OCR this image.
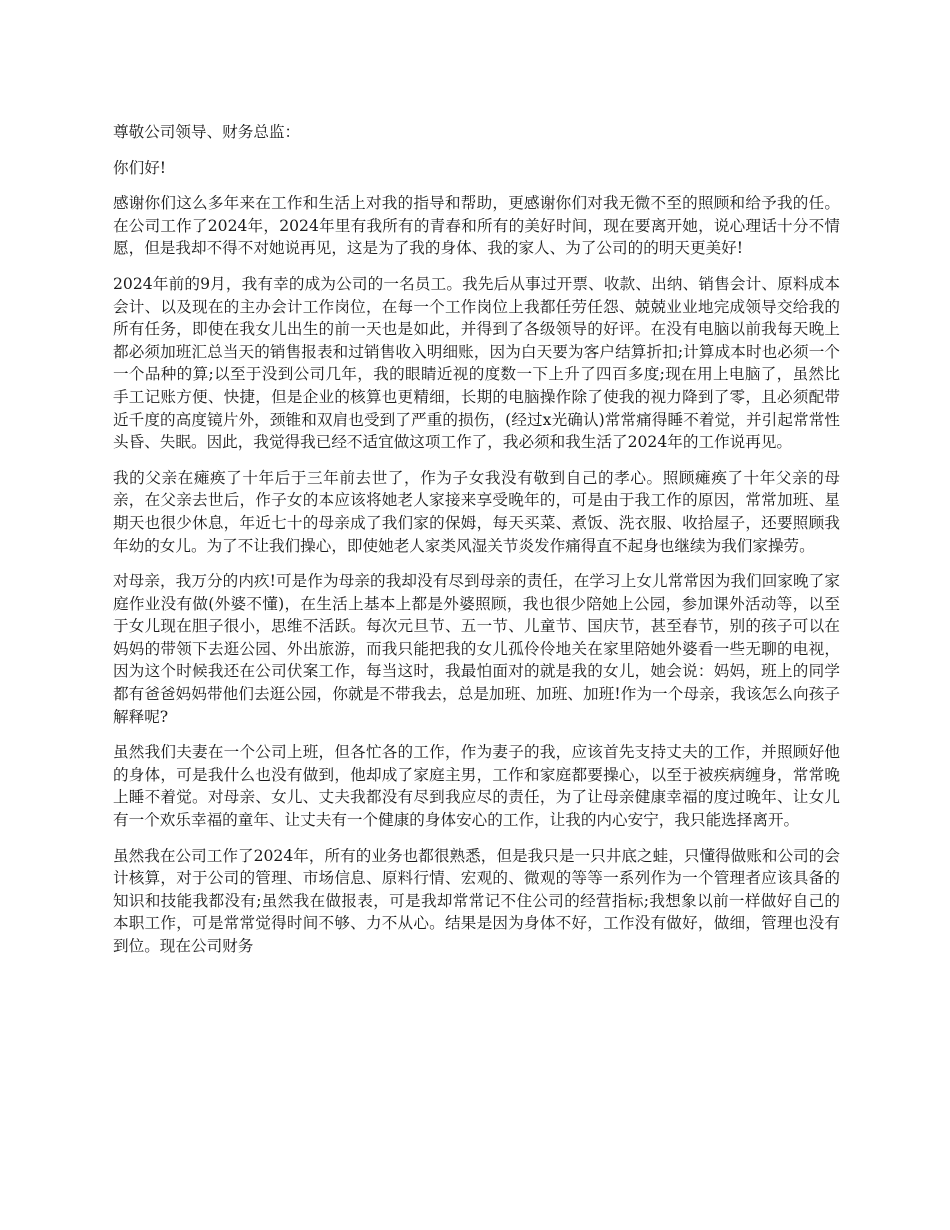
尊敬公司领导、财务总监：

你们好!

感谢你们这么多年来在工作和生活上对我的指导和帮助，更感谢你们对我无微不至的照顾和给予我的任。在公司工作了2024年，2024年里有我所有的青春和所有的美好时间，现在要离开她，说心理话十分不情愿，但是我却不得不对她说再见，这是为了我的身体、我的家人、为了公司的的明天更美好!

2024年前的9月，我有幸的成为公司的一名员工。我先后从事过开票、收款、出纳、销售会计、原料成本会计、以及现在的主办会计工作岗位，在每一个工作岗位上我都任劳任怨、兢兢业业地完成领导交给我的所有任务，即使在我女儿出生的前一天也是如此，并得到了各级领导的好评。在没有电脑以前我每天晚上都必须加班汇总当天的销售报表和过销售收入明细账，因为白天要为客户结算折扣;计算成本时也必须一个一个品种的算;以至于没到公司几年，我的眼睛近视的度数一下上升了四百多度;现在用上电脑了，虽然比手工记账方便、快捷，但是企业的核算也更精细，长期的电脑操作除了使我的视力降到了零，且必须配带近千度的高度镜片外，颈锥和双肩也受到了严重的损伤，(经过x光确认)常常痛得睡不着觉，并引起常常性头昏、失眠。因此，我觉得我已经不适宜做这项工作了，我必须和我生活了2024年的工作说再见。

我的父亲在瘫痪了十年后于三年前去世了，作为子女我没有敬到自己的孝心。照顾瘫痪了十年父亲的母亲，在父亲去世后，作子女的本应该将她老人家接来享受晚年的，可是由于我工作的原因，常常加班、星期天也很少休息，年近七十的母亲成了我们家的保姆，每天买菜、煮饭、洗衣服、收拾屋子，还要照顾我年幼的女儿。为了不让我们操心，即使她老人家类风湿关节炎发作痛得直不起身也继续为我们家操劳。

对母亲，我万分的内疚!可是作为母亲的我却没有尽到母亲的责任，在学习上女儿常常因为我们回家晚了家庭作业没有做(外婆不懂)，在生活上基本上都是外婆照顾，我也很少陪她上公园，参加课外活动等，以至于女儿现在胆子很小，思维不活跃。每次元旦节、五一节、儿童节、国庆节，甚至春节，别的孩子可以在妈妈的带领下去逛公园、外出旅游，而我只能把我的女儿孤伶伶地关在家里陪她外婆看一些无聊的电视，因为这个时候我还在公司伏案工作，每当这时，我最怕面对的就是我的女儿，她会说：妈妈，班上的同学都有爸爸妈妈带他们去逛公园，你就是不带我去，总是加班、加班、加班!作为一个母亲，我该怎么向孩子解释呢?

虽然我们夫妻在一个公司上班，但各忙各的工作，作为妻子的我，应该首先支持丈夫的工作，并照顾好他的身体，可是我什么也没有做到，他却成了家庭主男，工作和家庭都要操心，以至于被疾病缠身，常常晚上睡不着觉。对母亲、女儿、丈夫我都没有尽到我应尽的责任，为了让母亲健康幸福的度过晚年、让女儿有一个欢乐幸福的童年、让丈夫有一个健康的身体安心的工作，让我的内心安宁，我只能选择离开。

虽然我在公司工作了2024年，所有的业务也都很熟悉，但是我只是一只井底之蛙，只懂得做账和公司的会计核算，对于公司的管理、市场信息、原料行情、宏观的、微观的等等一系列作为一个管理者应该具备的知识和技能我都没有;虽然我在做报表，可是我却常常记不住公司的经营指标;我想象以前一样做好自己的本职工作，可是常常觉得时间不够、力不从心。结果是因为身体不好，工作没有做好，做细，管理也没有到位。现在公司财务
